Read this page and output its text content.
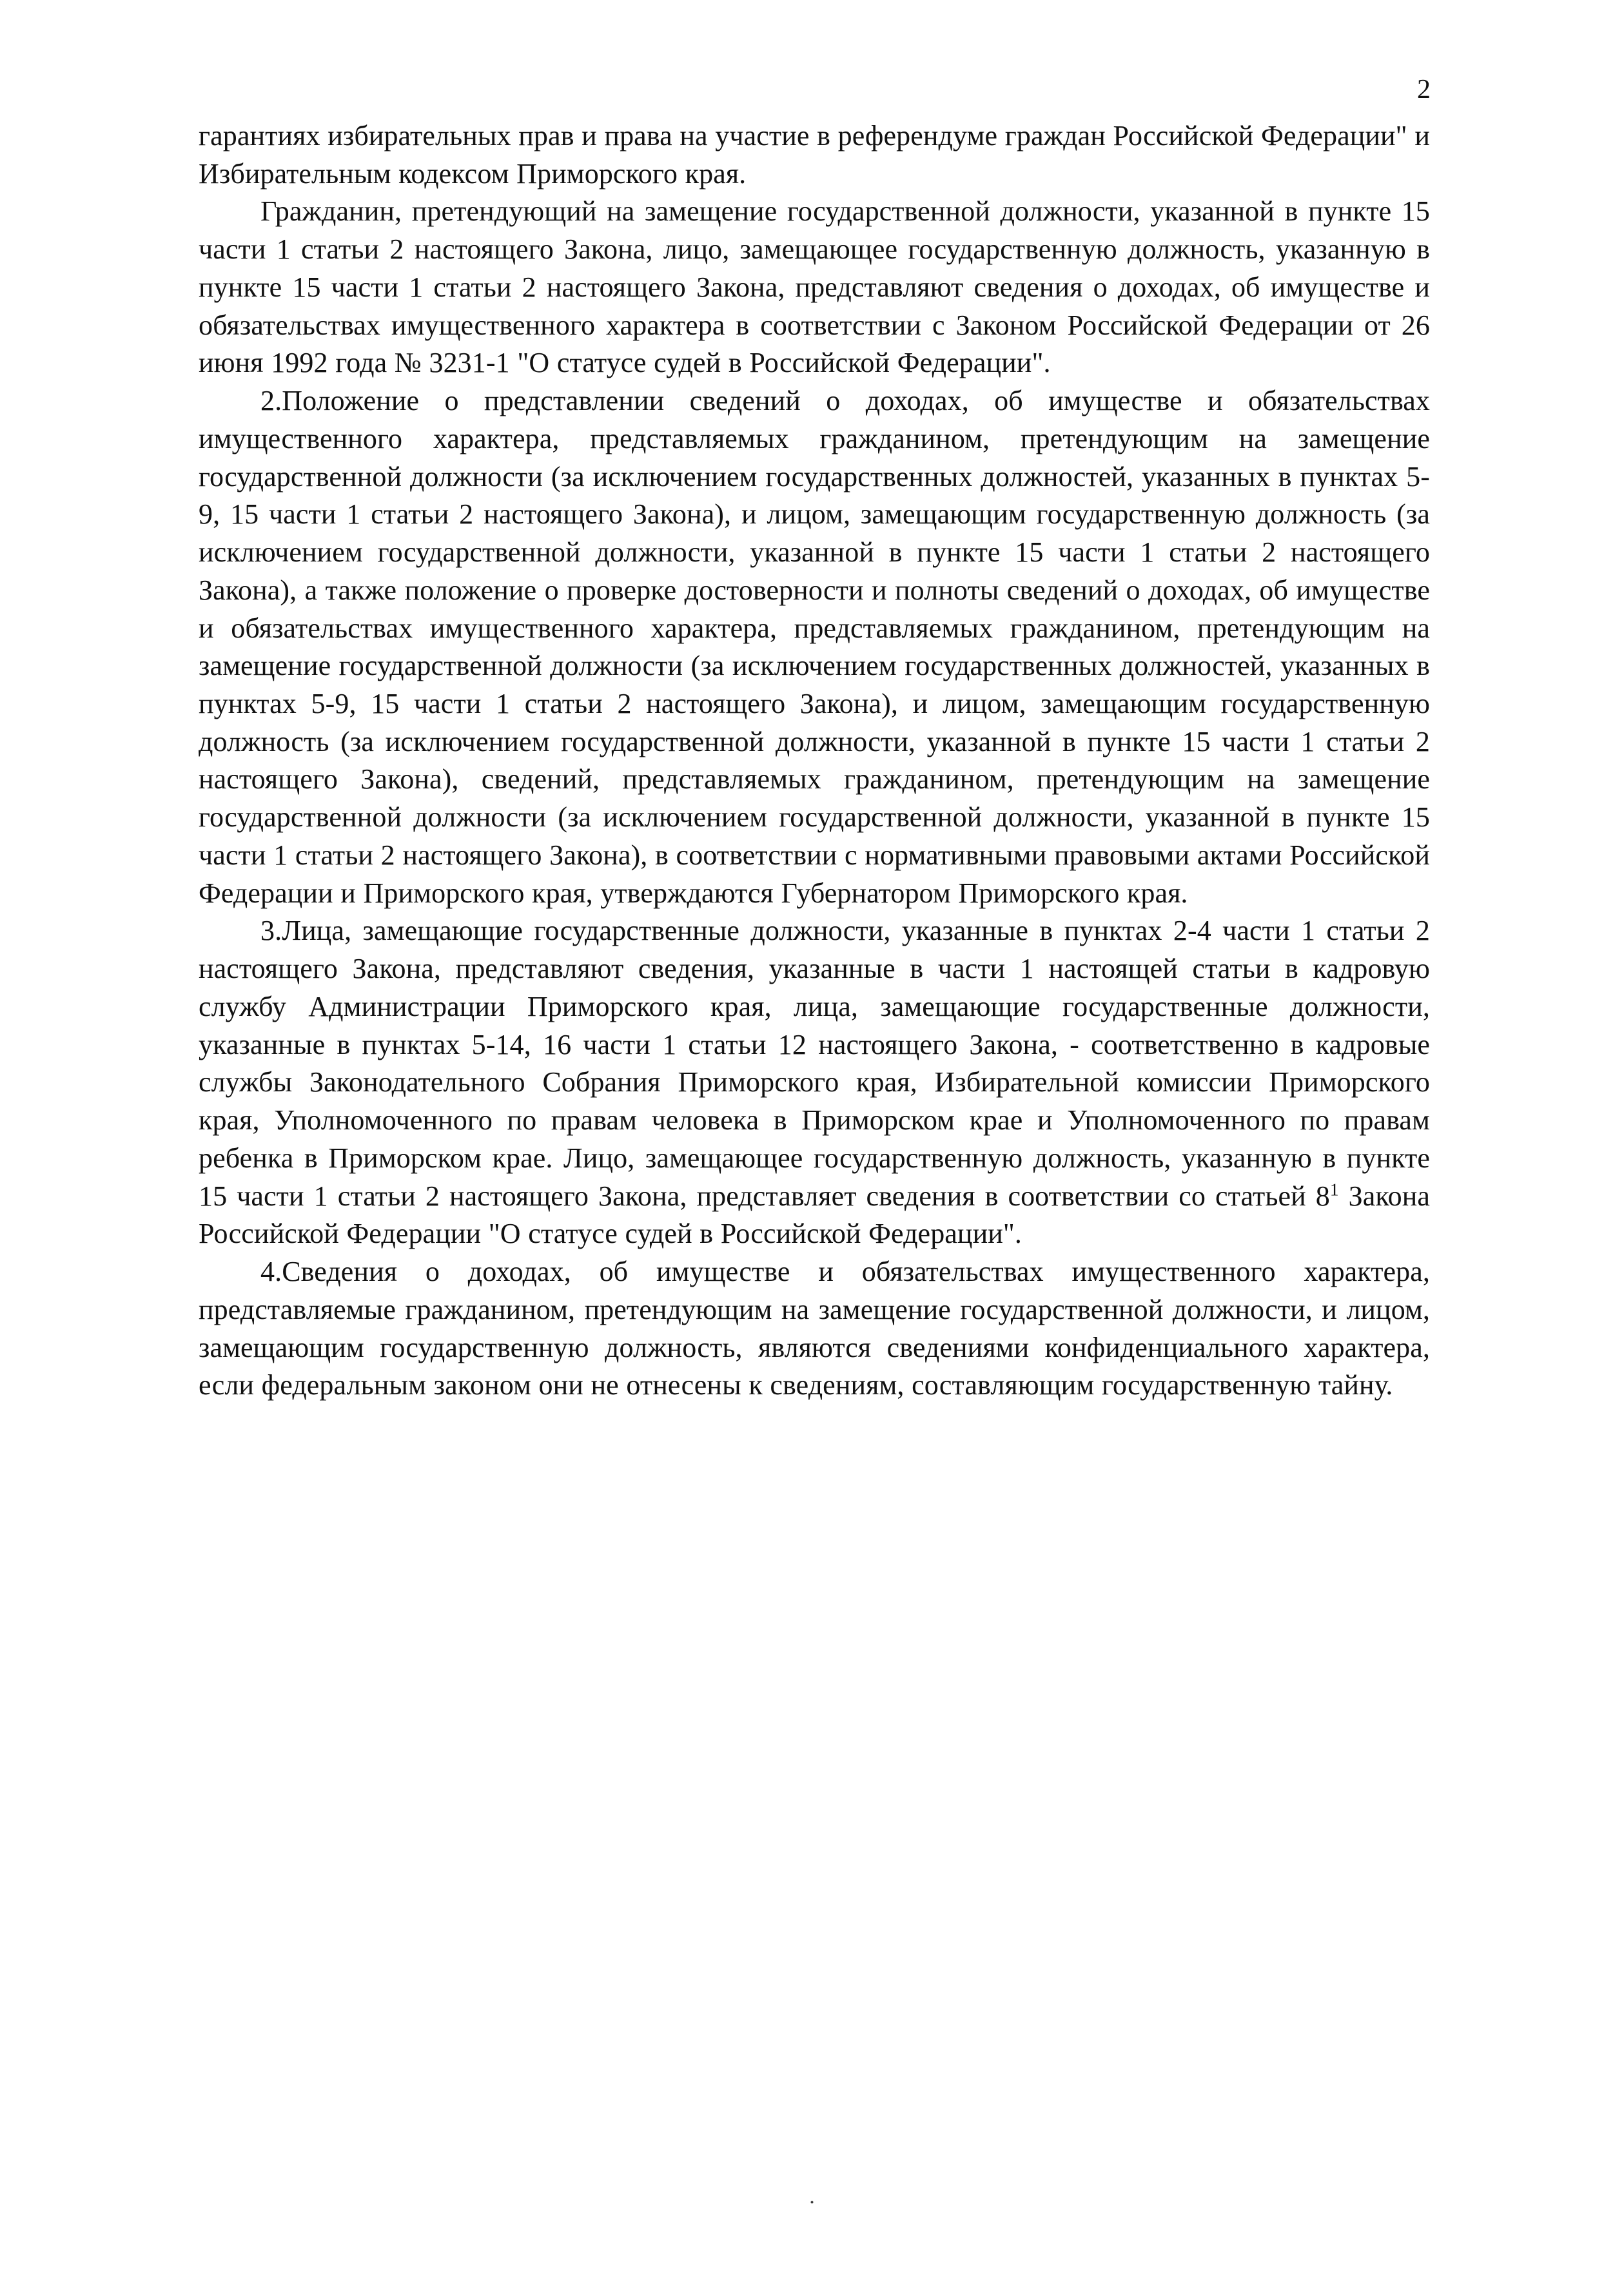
2

гарантиях избирательных прав и права на участие в референдуме граждан Российской Федерации" и Избирательным кодексом Приморского края.

Гражданин, претендующий на замещение государственной должности, указанной в пункте 15 части 1 статьи 2 настоящего Закона, лицо, замещающее государственную должность, указанную в пункте 15 части 1 статьи 2 настоящего Закона, представляют сведения о доходах, об имуществе и обязательствах имущественного характера в соответствии с Законом Российской Федерации от 26 июня 1992 года № 3231-1 "О статусе судей в Российской Федерации".

2.Положение о представлении сведений о доходах, об имуществе и обязательствах имущественного характера, представляемых гражданином, претендующим на замещение государственной должности (за исключением государственных должностей, указанных в пунктах 5-9, 15 части 1 статьи 2 настоящего Закона), и лицом, замещающим государственную должность (за исключением государственной должности, указанной в пункте 15 части 1 статьи 2 настоящего Закона), а также положение о проверке достоверности и полноты сведений о доходах, об имуществе и обязательствах имущественного характера, представляемых гражданином, претендующим на замещение государственной должности (за исключением государственных должностей, указанных в пунктах 5-9, 15 части 1 статьи 2 настоящего Закона), и лицом, замещающим государственную должность (за исключением государственной должности, указанной в пункте 15 части 1 статьи 2 настоящего Закона), сведений, представляемых гражданином, претендующим на замещение государственной должности (за исключением государственной должности, указанной в пункте 15 части 1 статьи 2 настоящего Закона), в соответствии с нормативными правовыми актами Российской Федерации и Приморского края, утверждаются Губернатором Приморского края.

3.Лица, замещающие государственные должности, указанные в пунктах 2-4 части 1 статьи 2 настоящего Закона, представляют сведения, указанные в части 1 настоящей статьи в кадровую службу Администрации Приморского края, лица, замещающие государственные должности, указанные в пунктах 5-14, 16 части 1 статьи 12 настоящего Закона, - соответственно в кадровые службы Законодательного Собрания Приморского края, Избирательной комиссии Приморского края, Уполномоченного по правам человека в Приморском крае и Уполномоченного по правам ребенка в Приморском крае. Лицо, замещающее государственную должность, указанную в пункте 15 части 1 статьи 2 настоящего Закона, представляет сведения в соответствии со статьей $8^1$ Закона Российской Федерации "О статусе судей в Российской Федерации".

4.Сведения о доходах, об имуществе и обязательствах имущественного характера, представляемые гражданином, претендующим на замещение государственной должности, и лицом, замещающим государственную должность, являются сведениями конфиденциального характера, если федеральным законом они не отнесены к сведениям, составляющим государственную тайну.

.
